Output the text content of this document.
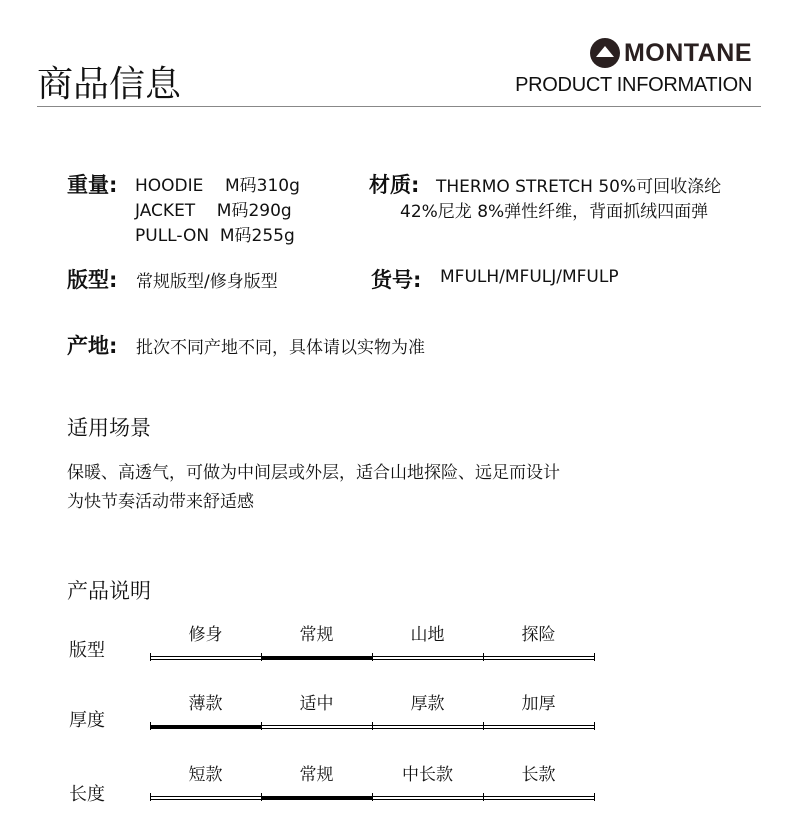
商品信息
MONTANE
PRODUCT INFORMATION
重量: HOODIE    M码310g
JACKET    M码290g
PULL-ON  M码255g
材质: THERMO STRETCH 50%可回收涤纶
42%尼龙 8%弹性纤维，背面抓绒四面弹
版型: 常规版型/修身版型	货号: MFULH/MFULJ/MFULP
产地: 批次不同产地不同，具体请以实物为准
适用场景
保暖、高透气，可做为中间层或外层，适合山地探险、远足而设计
为快节奏活动带来舒适感
产品说明
版型
修身	常规	山地	探险
厚度
薄款	适中	厚款	加厚
长度
短款	常规	中长款	长款
